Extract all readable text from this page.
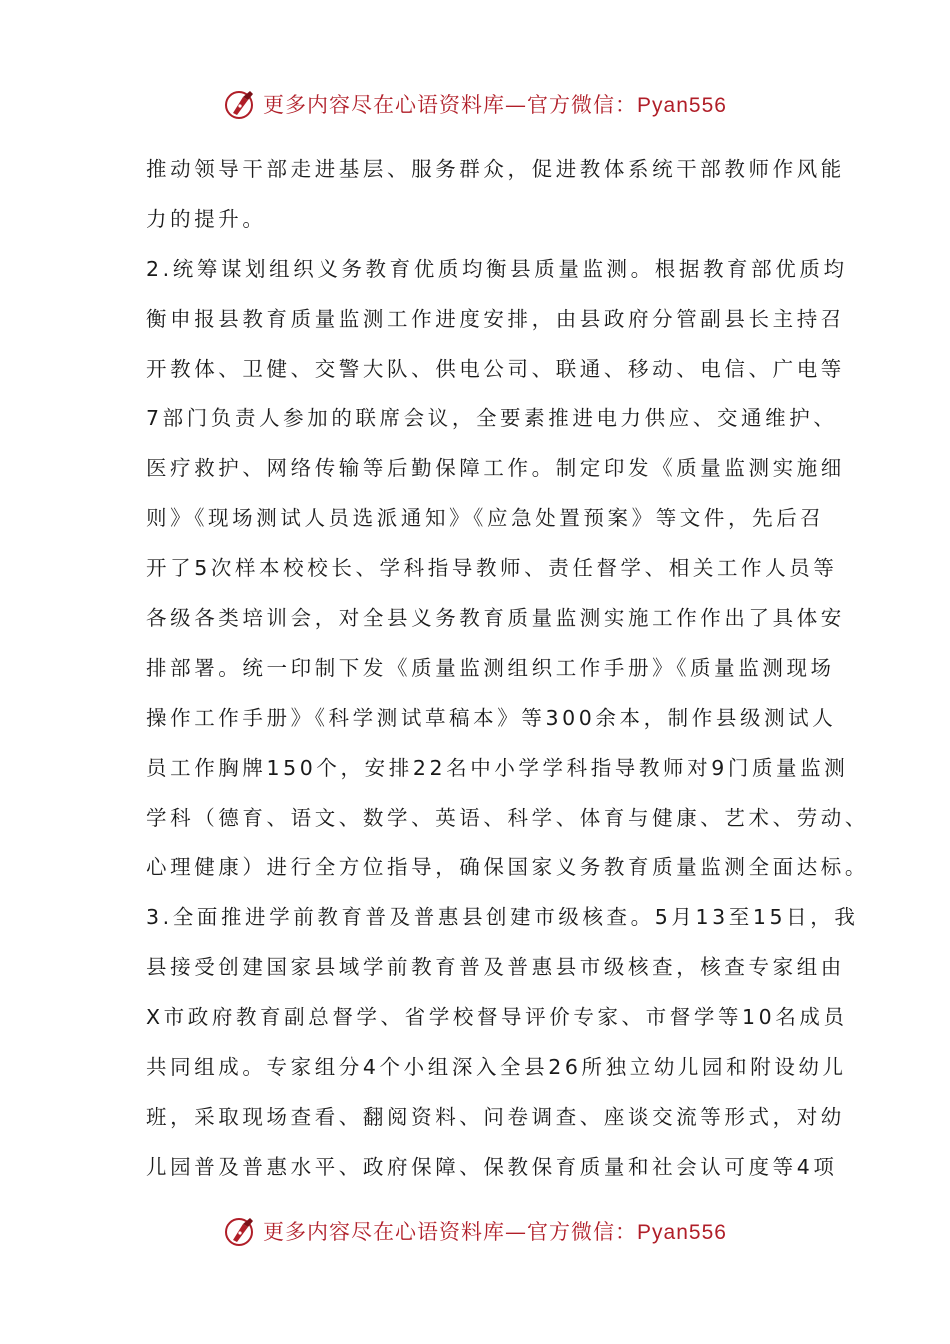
更多内容尽在心语资料库—官方微信：Pyan556
推动领导干部走进基层、服务群众，促进教体系统干部教师作风能
力的提升。
2.统筹谋划组织义务教育优质均衡县质量监测。根据教育部优质均
衡申报县教育质量监测工作进度安排，由县政府分管副县长主持召
开教体、卫健、交警大队、供电公司、联通、移动、电信、广电等
7部门负责人参加的联席会议，全要素推进电力供应、交通维护、
医疗救护、网络传输等后勤保障工作。制定印发《质量监测实施细
则》《现场测试人员选派通知》《应急处置预案》等文件，先后召
开了5次样本校校长、学科指导教师、责任督学、相关工作人员等
各级各类培训会，对全县义务教育质量监测实施工作作出了具体安
排部署。统一印制下发《质量监测组织工作手册》《质量监测现场
操作工作手册》《科学测试草稿本》等300余本，制作县级测试人
员工作胸牌150个，安排22名中小学学科指导教师对9门质量监测
学科（德育、语文、数学、英语、科学、体育与健康、艺术、劳动、
心理健康）进行全方位指导，确保国家义务教育质量监测全面达标。
3.全面推进学前教育普及普惠县创建市级核查。5月13至15日，我
县接受创建国家县域学前教育普及普惠县市级核查，核查专家组由
X市政府教育副总督学、省学校督导评价专家、市督学等10名成员
共同组成。专家组分4个小组深入全县26所独立幼儿园和附设幼儿
班，采取现场查看、翻阅资料、问卷调查、座谈交流等形式，对幼
儿园普及普惠水平、政府保障、保教保育质量和社会认可度等4项
更多内容尽在心语资料库—官方微信：Pyan556
